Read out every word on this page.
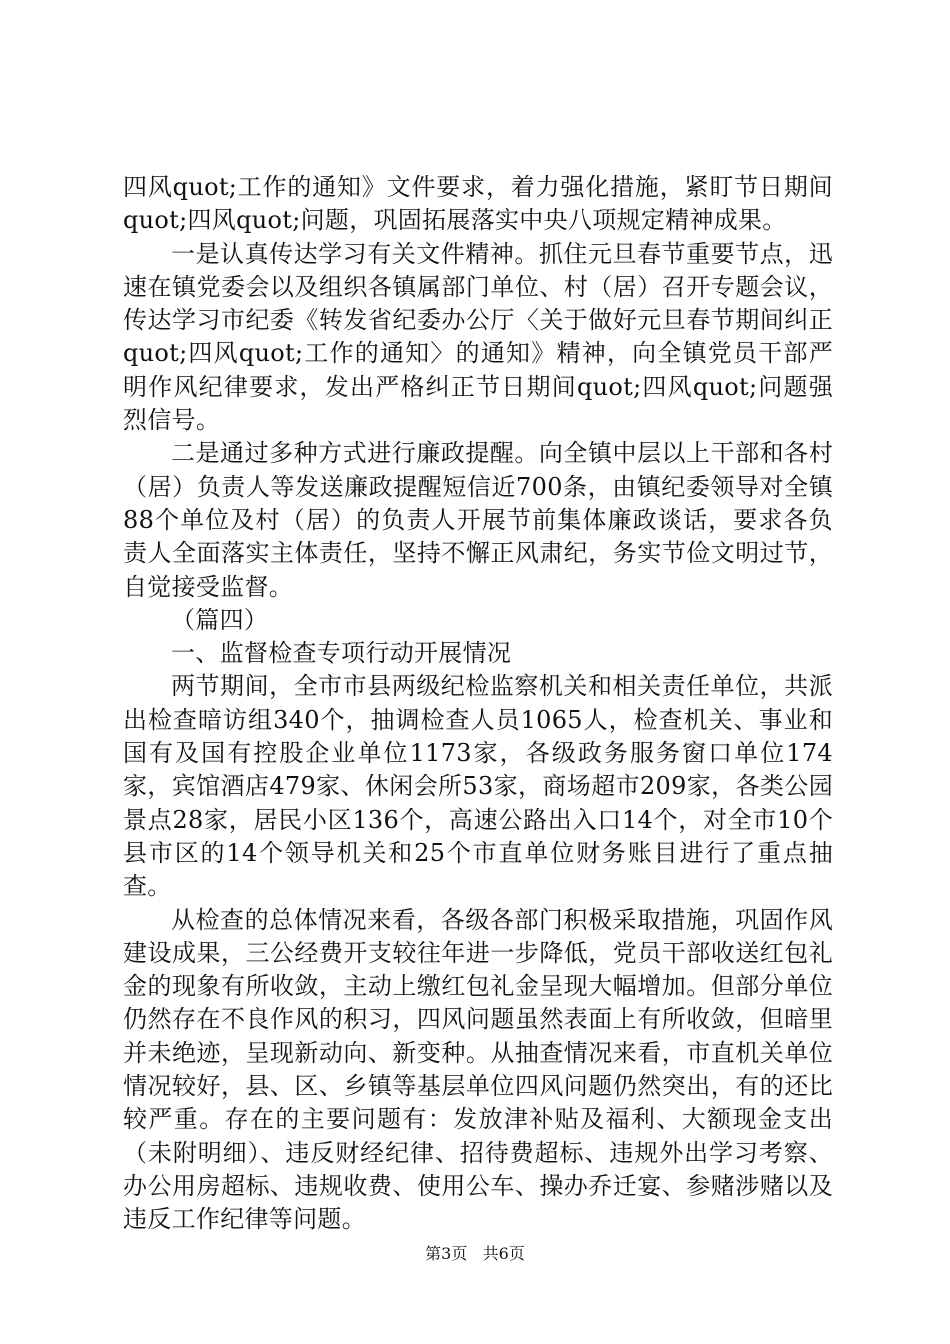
四风quot;工作的通知》文件要求，着力强化措施，紧盯节日期间quot;四风quot;问题，巩固拓展落实中央八项规定精神成果。

一是认真传达学习有关文件精神。抓住元旦春节重要节点，迅速在镇党委会以及组织各镇属部门单位、村（居）召开专题会议，传达学习市纪委《转发省纪委办公厅〈关于做好元旦春节期间纠正quot;四风quot;工作的通知〉的通知》精神，向全镇党员干部严明作风纪律要求，发出严格纠正节日期间quot;四风quot;问题强烈信号。

二是通过多种方式进行廉政提醒。向全镇中层以上干部和各村（居）负责人等发送廉政提醒短信近700条，由镇纪委领导对全镇88个单位及村（居）的负责人开展节前集体廉政谈话，要求各负责人全面落实主体责任，坚持不懈正风肃纪，务实节俭文明过节，自觉接受监督。

（篇四）

一、监督检查专项行动开展情况

两节期间，全市市县两级纪检监察机关和相关责任单位，共派出检查暗访组340个，抽调检查人员1065人，检查机关、事业和国有及国有控股企业单位1173家，各级政务服务窗口单位174家，宾馆酒店479家、休闲会所53家，商场超市209家，各类公园景点28家，居民小区136个，高速公路出入口14个，对全市10个县市区的14个领导机关和25个市直单位财务账目进行了重点抽查。

从检查的总体情况来看，各级各部门积极采取措施，巩固作风建设成果，三公经费开支较往年进一步降低，党员干部收送红包礼金的现象有所收敛，主动上缴红包礼金呈现大幅增加。但部分单位仍然存在不良作风的积习，四风问题虽然表面上有所收敛，但暗里并未绝迹，呈现新动向、新变种。从抽查情况来看，市直机关单位情况较好，县、区、乡镇等基层单位四风问题仍然突出，有的还比较严重。存在的主要问题有：发放津补贴及福利、大额现金支出（未附明细）、违反财经纪律、招待费超标、违规外出学习考察、办公用房超标、违规收费、使用公车、操办乔迁宴、参赌涉赌以及违反工作纪律等问题。

第3页 共6页
